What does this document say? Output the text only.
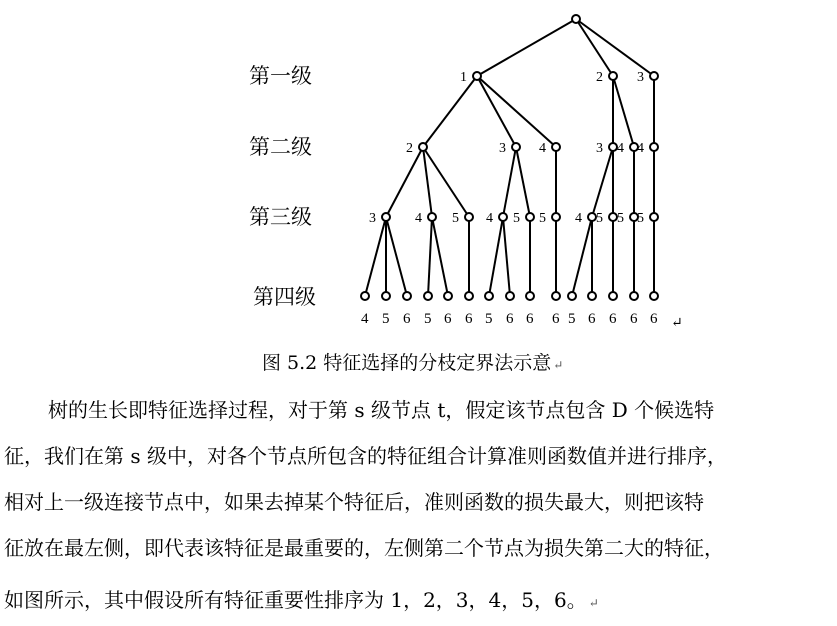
第一级
第二级
第三级
第四级
1	2 3
2	3 4	3 4 4
3	4 5 4 5 5 4 5 5 5
4 5 6 5 6 6 5 6 6 6 5 6 6 6 6 ↵
图 5.2 特征选择的分枝定界法示意 ↵
树的生长即特征选择过程，对于第 s 级节点 t，假定该节点包含 D 个候选特
征，我们在第 s 级中，对各个节点所包含的特征组合计算准则函数值并进行排序，
相对上一级连接节点中，如果去掉某个特征后，准则函数的损失最大，则把该特
征放在最左侧，即代表该特征是最重要的，左侧第二个节点为损失第二大的特征，
如图所示，其中假设所有特征重要性排序为 1，2，3，4，5，6。 ↵
